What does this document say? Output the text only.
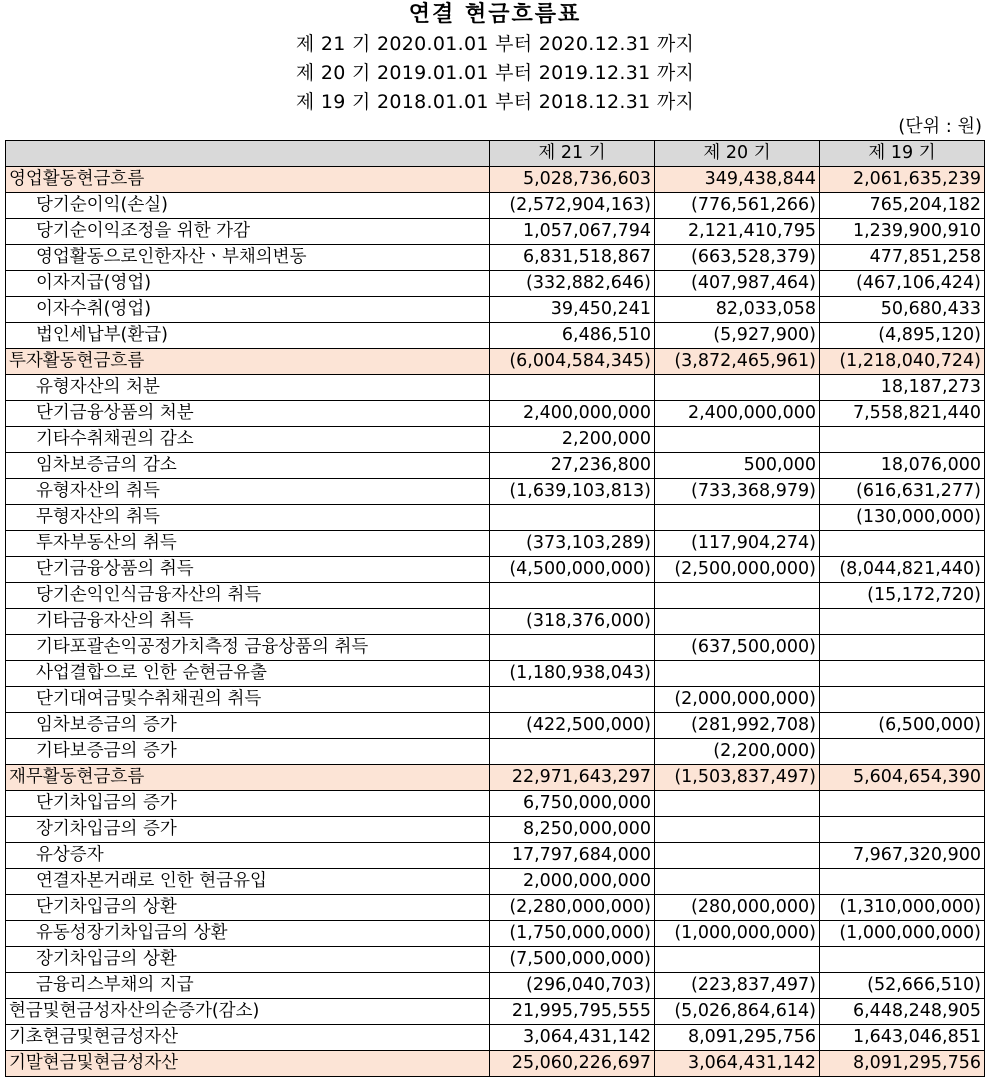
연결 현금흐름표
제 21 기 2020.01.01 부터 2020.12.31 까지
제 20 기 2019.01.01 부터 2019.12.31 까지
제 19 기 2018.01.01 부터 2018.12.31 까지
(단위 : 원)
	제 21 기	제 20 기	제 19 기
영업활동현금흐름	5,028,736,603	349,438,844	2,061,635,239
당기순이익(손실)	(2,572,904,163)	(776,561,266)	765,204,182
당기순이익조정을 위한 가감	1,057,067,794	2,121,410,795	1,239,900,910
영업활동으로인한자산ㆍ부채의변동	6,831,518,867	(663,528,379)	477,851,258
이자지급(영업)	(332,882,646)	(407,987,464)	(467,106,424)
이자수취(영업)	39,450,241	82,033,058	50,680,433
법인세납부(환급)	6,486,510	(5,927,900)	(4,895,120)
투자활동현금흐름	(6,004,584,345)	(3,872,465,961)	(1,218,040,724)
유형자산의 처분			18,187,273
단기금융상품의 처분	2,400,000,000	2,400,000,000	7,558,821,440
기타수취채권의 감소	2,200,000		
임차보증금의 감소	27,236,800	500,000	18,076,000
유형자산의 취득	(1,639,103,813)	(733,368,979)	(616,631,277)
무형자산의 취득			(130,000,000)
투자부동산의 취득	(373,103,289)	(117,904,274)	
단기금융상품의 취득	(4,500,000,000)	(2,500,000,000)	(8,044,821,440)
당기손익인식금융자산의 취득			(15,172,720)
기타금융자산의 취득	(318,376,000)		
기타포괄손익공정가치측정 금융상품의 취득		(637,500,000)	
사업결합으로 인한 순현금유출	(1,180,938,043)		
단기대여금및수취채권의 취득		(2,000,000,000)	
임차보증금의 증가	(422,500,000)	(281,992,708)	(6,500,000)
기타보증금의 증가		(2,200,000)	
재무활동현금흐름	22,971,643,297	(1,503,837,497)	5,604,654,390
단기차입금의 증가	6,750,000,000		
장기차입금의 증가	8,250,000,000		
유상증자	17,797,684,000		7,967,320,900
연결자본거래로 인한 현금유입	2,000,000,000		
단기차입금의 상환	(2,280,000,000)	(280,000,000)	(1,310,000,000)
유동성장기차입금의 상환	(1,750,000,000)	(1,000,000,000)	(1,000,000,000)
장기차입금의 상환	(7,500,000,000)		
금융리스부채의 지급	(296,040,703)	(223,837,497)	(52,666,510)
현금및현금성자산의순증가(감소)	21,995,795,555	(5,026,864,614)	6,448,248,905
기초현금및현금성자산	3,064,431,142	8,091,295,756	1,643,046,851
기말현금및현금성자산	25,060,226,697	3,064,431,142	8,091,295,756
